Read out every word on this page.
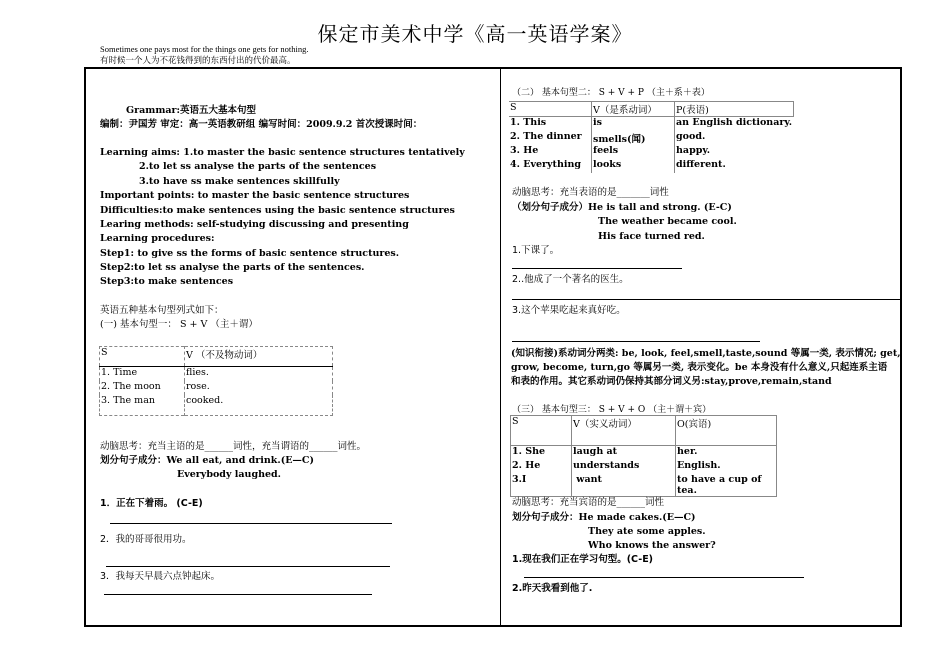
保定市美术中学《高一英语学案》
Sometimes one pays most for the things one gets for nothing.
有时候一个人为不花钱得到的东西付出的代价最高。
Grammar:英语五大基本句型
编制：尹国芳 审定：高一英语教研组 编写时间：2009.9.2 首次授课时间：
Learning aims: 1.to master the basic sentence structures tentatively
2.to let ss analyse the parts of the sentences
3.to have ss make sentences skillfully
Important points: to master the basic sentence structures
Difficulties:to make sentences using the basic sentence structures
Learing methods: self-studying discussing and presenting
Learning procedures:
Step1: to give ss the forms of basic sentence structures.
Step2:to let ss analyse the parts of the sentences.
Step3:to make sentences
英语五种基本句型列式如下：
(一) 基本句型一： S + V （主＋谓）
S	V （不及物动词）
1. Time	flies.
2. The moon	rose.
3. The man	cooked.
动脑思考：充当主语的是______词性，充当谓语的______词性。
划分句子成分：We all eat, and drink.(E—C)
Everybody laughed.
1．正在下着雨。 (C-E)
2．我的哥哥很用功。
3．我每天早晨六点钟起床。
（二） 基本句型二： S + V + P （主＋系＋表）
S	V（是系动词）	P(表语)
1. This	is	an English dictionary.
2. The dinner	smells(闻)	good.
3. He	feels	happy.
4. Everything	looks	different.
动脑思考：充当表语的是_______词性
（划分句子成分）He is tall and strong. (E-C)
The weather became cool.
His face turned red.
1.下课了。
2..他成了一个著名的医生。
3.这个苹果吃起来真好吃。
(知识衔接)系动词分两类: be, look, feel,smell,taste,sound 等属一类, 表示情况; get,
grow, become, turn,go 等属另一类, 表示变化。be 本身没有什么意义,只起连系主语
和表的作用。其它系动词仍保持其部分词义另:stay,prove,remain,stand
（三） 基本句型三： S + V + O （主＋谓＋宾）
S	V（实义动词）	O(宾语)
1. She	laugh at	her.
2. He	understands	English.
3.I	want	to have a cup of tea.
动脑思考：充当宾语的是______词性
划分句子成分：He made cakes.(E—C)
They ate some apples.
Who knows the answer?
1.现在我们正在学习句型。(C-E)
2.昨天我看到他了.
